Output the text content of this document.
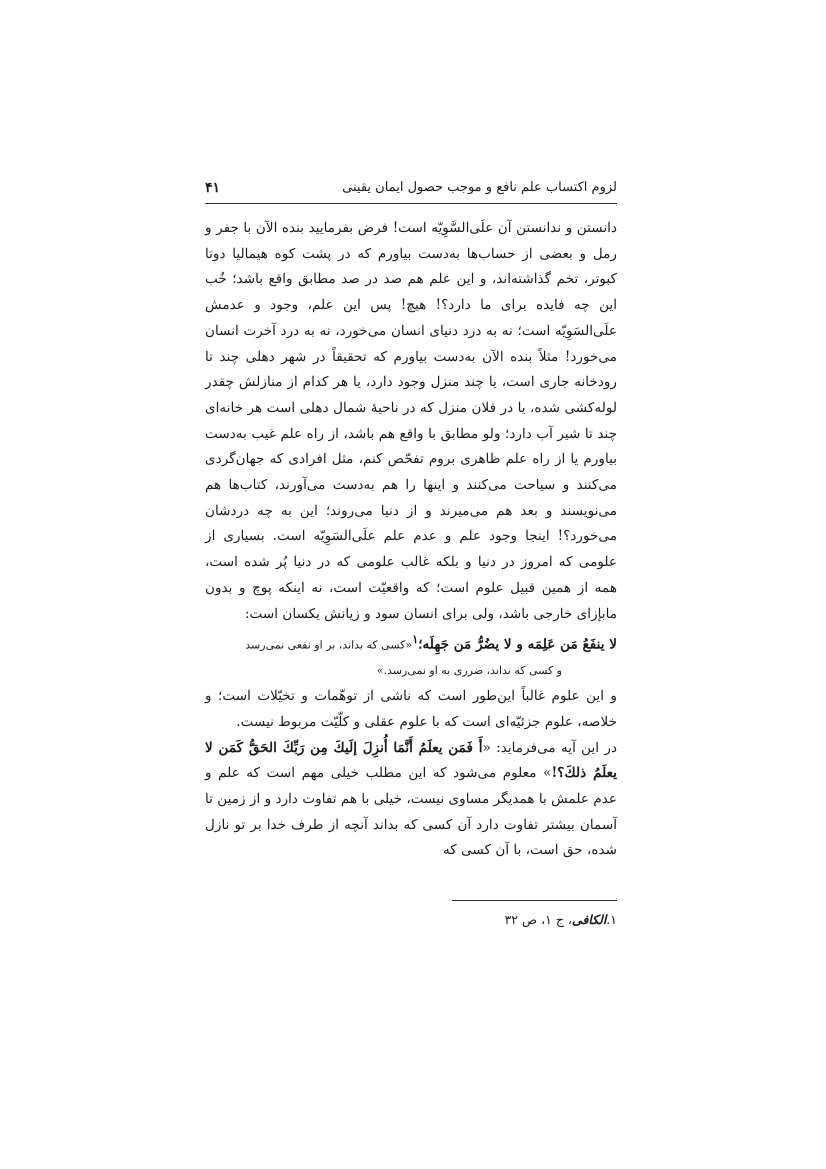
لزوم اکتساب علم نافع و موجب حصول ایمان یقینی
۴۱

دانستن و ندانستن آن علَی‌السَّوِیّه است! فرض بفرمایید بنده الآن با جفر و رمل و بعضی از حساب‌ها به‌دست بیاورم که در پشت کوه هیمالیا دوتا کبوتر، تخم گذاشته‌اند، و این علم هم صد در صد مطابق واقع باشد؛ خُب این چه فایده برای ما دارد؟! هیچ! پس این علم، وجود و عدمش علَی‌السَوِیّه است؛ نه به درد دنیای انسان می‌خورد، نه به درد آخرت انسان می‌خورد! مثلاً بنده الآن به‌دست بیاورم که تحقیقاً در شهر دهلی چند تا رودخانه جاری است، یا چند منزل وجود دارد، یا هر کدام از منازلش چقدر لوله‌کشی شده، یا در فلان منزل که در ناحیهٔ شمال دهلی است هر خانه‌ای چند تا شیر آب دارد؛ ولو مطابق با واقع هم باشد، از راه علم غیب به‌دست بیاورم یا از راه علم ظاهری بروم تفحّص کنم، مثل افرادی که جهان‌گردی می‌کنند و سیاحت می‌کنند و اینها را هم به‌دست می‌آورند، کتاب‌ها هم می‌نویسند و بعد هم می‌میرند و از دنیا می‌روند؛ این به چه دردشان می‌خورد؟! اینجا وجود علم و عدم علم علَی‌السَوِیّه است. بسیاری از علومی که امروز در دنیا و بلکه غالب علومی که در دنیا پُر شده است، همه از همین قبیل علوم است؛ که واقعیّت است، نه اینکه پوچ و بدون مابإزای خارجی باشد، ولی برای انسان سود و زیانش یکسان است:

لا ینفَعُ مَن عَلِمَه و لا یضُرُّ مَن جَهِلَه؛$^۱$«کسی که بداند، بر او نفعی نمی‌رسد

و کسی که نداند، ضرری به او نمی‌رسد.»

و این علوم غالباً این‌طور است که ناشی از توهّمات و تخیّلات است؛ و خلاصه، علوم جزئیّه‌ای است که با علوم عقلی و کلّیّت مربوط نیست.

در این آیه می‌فرماید: «أَ فَمَن یعلَمُ أَنَّمَا أُنزِلَ إلَیكَ مِن رَبِّكَ الحَقُّ کَمَن لا یعلَمُ ذلكَ؟!» معلوم می‌شود که این مطلب خیلی مهم است که علم و عدم علمش با همدیگر مساوی نیست، خیلی با هم تفاوت دارد و از زمین تا آسمان بیشتر تفاوت دارد آن کسی که بداند آنچه از طرف خدا بر تو نازل شده، حق است، با آن کسی که

۱.الکافی، ج ۱، ص ۳۲
